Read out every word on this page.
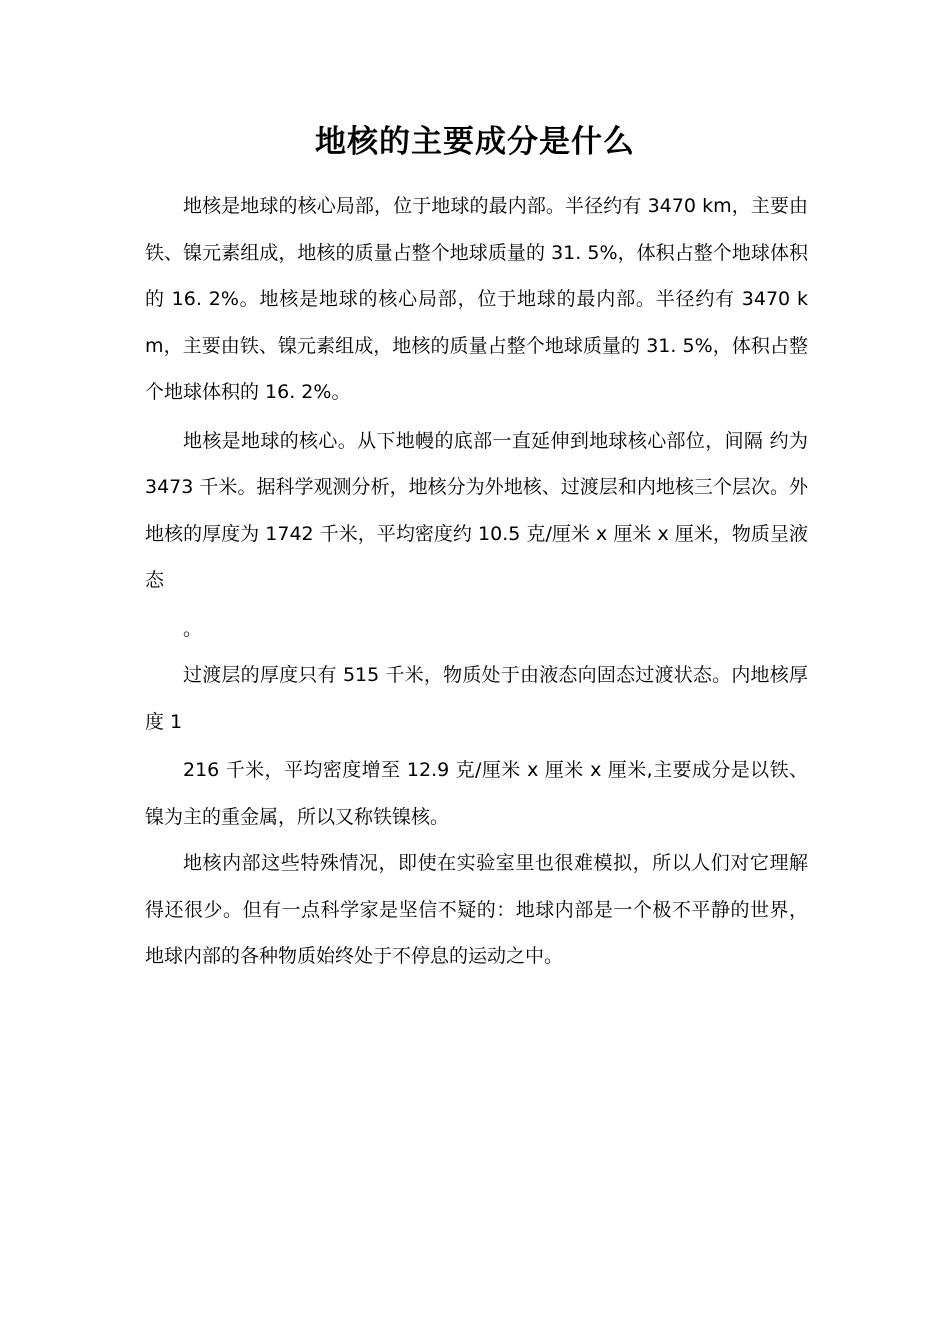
地核的主要成分是什么

地核是地球的核心局部，位于地球的最内部。半径约有 3470 km，主要由铁、镍元素组成，地核的质量占整个地球质量的 31. 5%，体积占整个地球体积的 16. 2%。地核是地球的核心局部，位于地球的最内部。半径约有 3470 km，主要由铁、镍元素组成，地核的质量占整个地球质量的 31. 5%，体积占整个地球体积的 16. 2%。

地核是地球的核心。从下地幔的底部一直延伸到地球核心部位，间隔 约为 3473 千米。据科学观测分析，地核分为外地核、过渡层和内地核三个层次。外地核的厚度为 1742 千米，平均密度约 10.5 克/厘米 x 厘米 x 厘米，物质呈液态

。

过渡层的厚度只有 515 千米，物质处于由液态向固态过渡状态。内地核厚度 1

216 千米，平均密度增至 12.9 克/厘米 x 厘米 x 厘米,主要成分是以铁、镍为主的重金属，所以又称铁镍核。

地核内部这些特殊情况，即使在实验室里也很难模拟，所以人们对它理解得还很少。但有一点科学家是坚信不疑的：地球内部是一个极不平静的世界，地球内部的各种物质始终处于不停息的运动之中。
